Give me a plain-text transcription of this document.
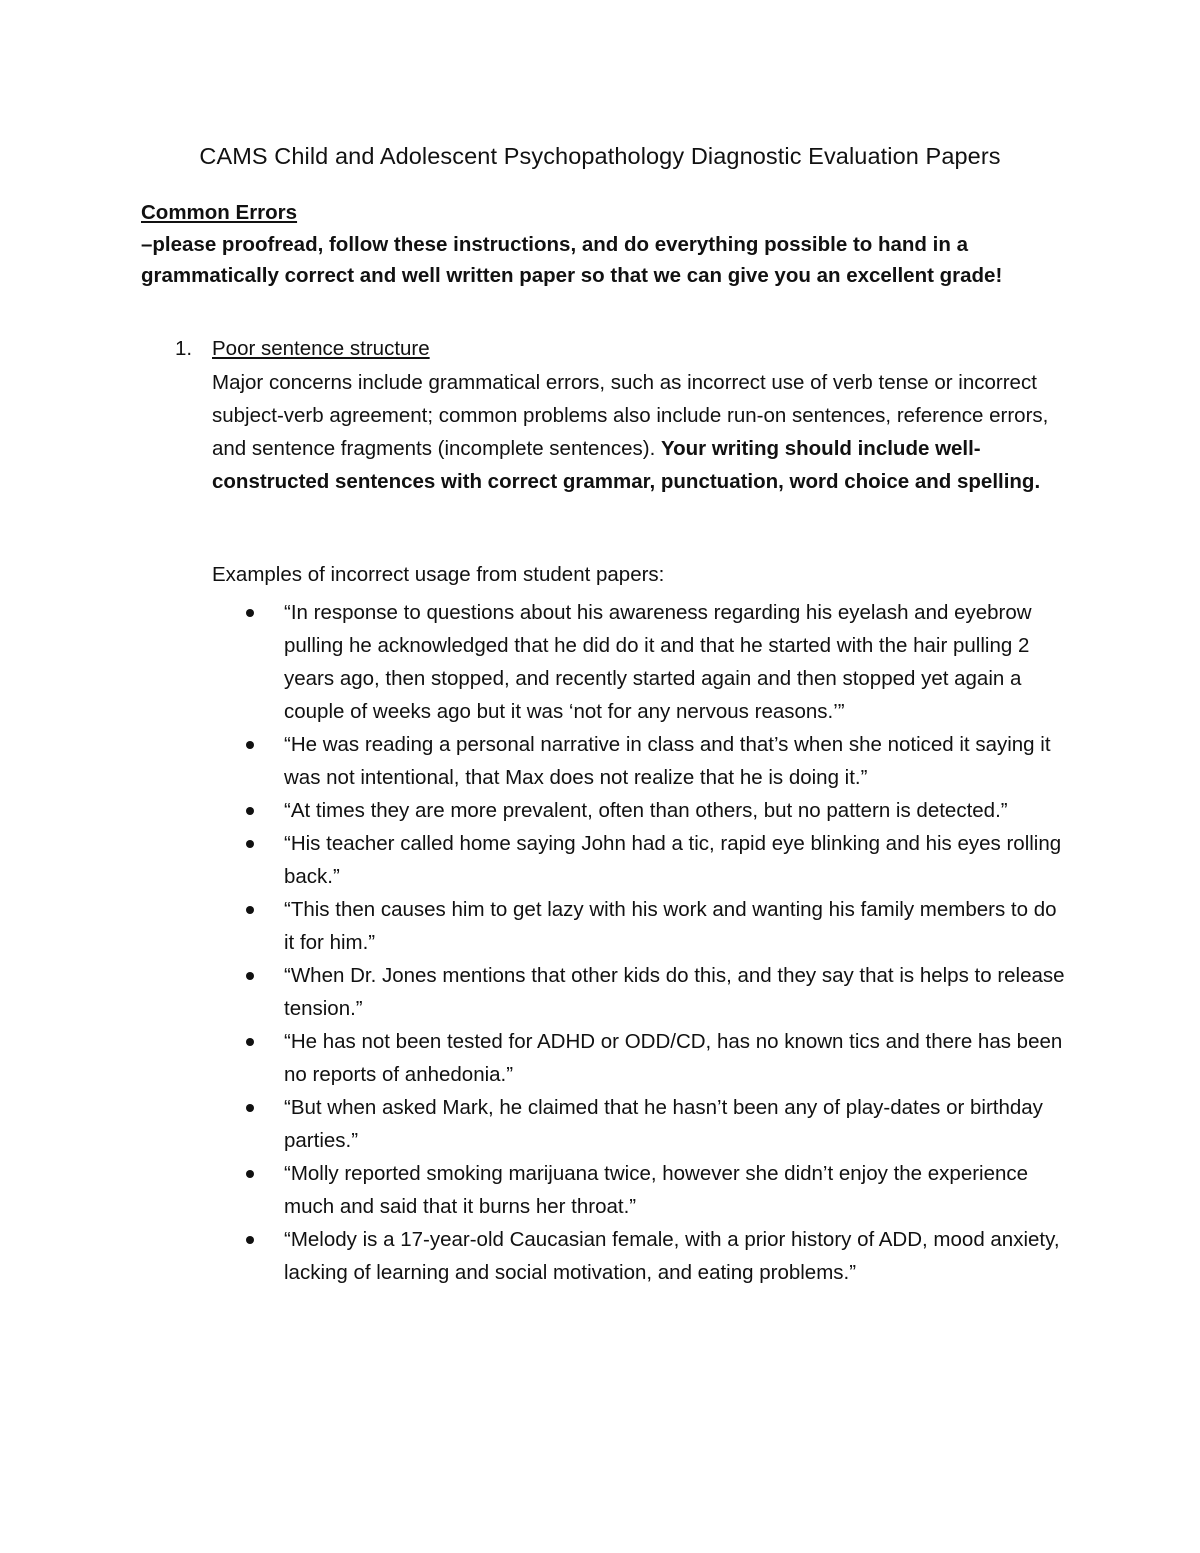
CAMS Child and Adolescent Psychopathology Diagnostic Evaluation Papers
Common Errors
–please proofread, follow these instructions, and do everything possible to hand in a grammatically correct and well written paper so that we can give you an excellent grade!
1. Poor sentence structure
Major concerns include grammatical errors, such as incorrect use of verb tense or incorrect subject-verb agreement; common problems also include run-on sentences, reference errors, and sentence fragments (incomplete sentences). Your writing should include well-constructed sentences with correct grammar, punctuation, word choice and spelling.
Examples of incorrect usage from student papers:
“In response to questions about his awareness regarding his eyelash and eyebrow pulling he acknowledged that he did do it and that he started with the hair pulling 2 years ago, then stopped, and recently started again and then stopped yet again a couple of weeks ago but it was ‘not for any nervous reasons.’”
“He was reading a personal narrative in class and that’s when she noticed it saying it was not intentional, that Max does not realize that he is doing it.”
“At times they are more prevalent, often than others, but no pattern is detected.”
“His teacher called home saying John had a tic, rapid eye blinking and his eyes rolling back.”
“This then causes him to get lazy with his work and wanting his family members to do it for him.”
“When Dr. Jones mentions that other kids do this, and they say that is helps to release tension.”
“He has not been tested for ADHD or ODD/CD, has no known tics and there has been no reports of anhedonia.”
“But when asked Mark, he claimed that he hasn’t been any of play-dates or birthday parties.”
“Molly reported smoking marijuana twice, however she didn’t enjoy the experience much and said that it burns her throat.”
“Melody is a 17-year-old Caucasian female, with a prior history of ADD, mood anxiety, lacking of learning and social motivation, and eating problems.”
